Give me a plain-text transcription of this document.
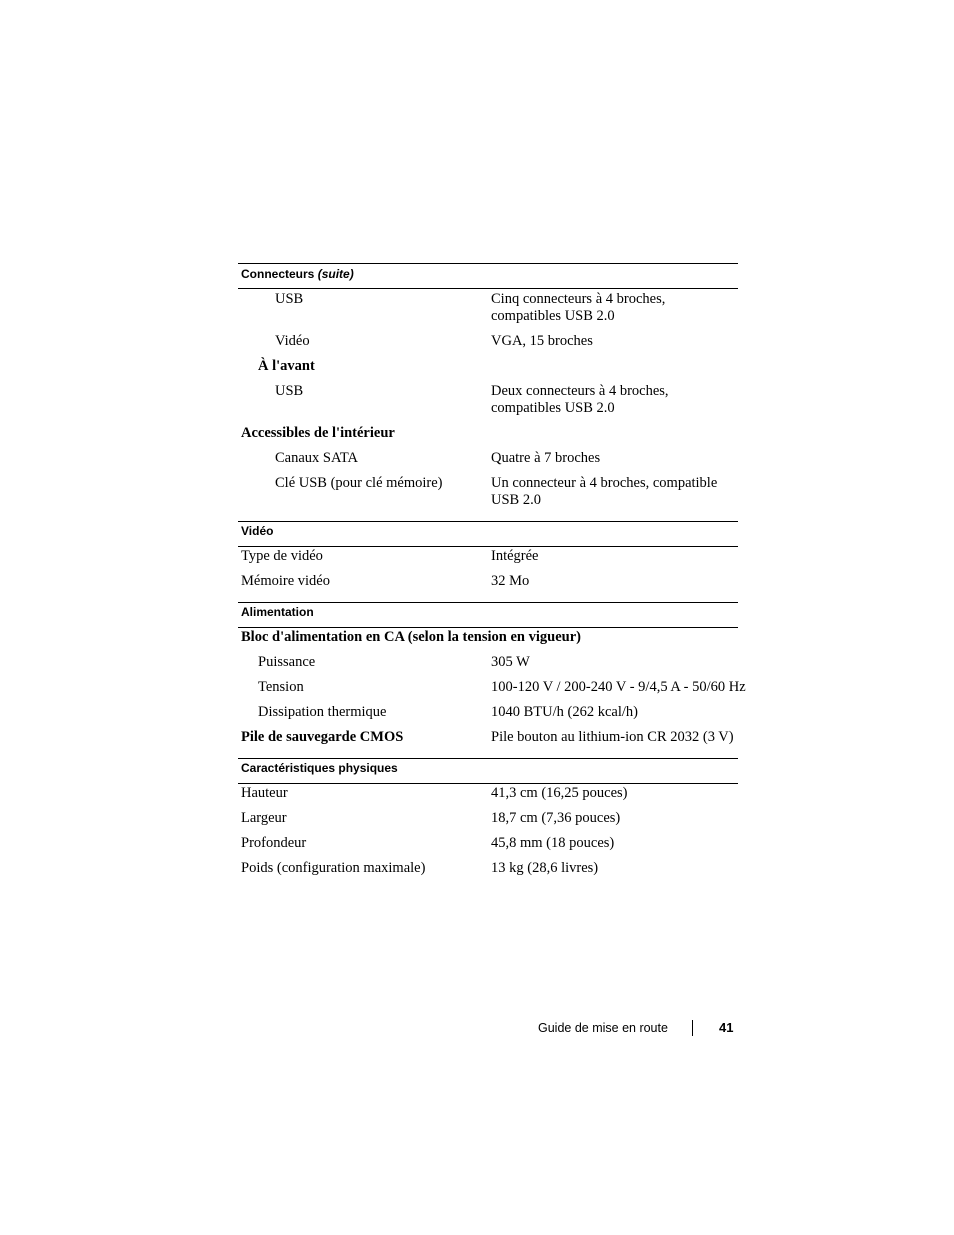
Connecteurs (suite)
USB	Cinq connecteurs à 4 broches,
compatibles USB 2.0
Vidéo	VGA, 15 broches
À l'avant
USB	Deux connecteurs à 4 broches,
compatibles USB 2.0
Accessibles de l'intérieur
Canaux SATA	Quatre à 7 broches
Clé USB (pour clé mémoire)	Un connecteur à 4 broches, compatible
USB 2.0
Vidéo
Type de vidéo	Intégrée
Mémoire vidéo	32 Mo
Alimentation
Bloc d'alimentation en CA (selon la tension en vigueur)
Puissance	305 W
Tension	100-120 V / 200-240 V - 9/4,5 A - 50/60 Hz
Dissipation thermique	1040 BTU/h (262 kcal/h)
Pile de sauvegarde CMOS	Pile bouton au lithium-ion CR 2032 (3 V)
Caractéristiques physiques
Hauteur	41,3 cm (16,25 pouces)
Largeur	18,7 cm (7,36 pouces)
Profondeur	45,8 mm (18 pouces)
Poids (configuration maximale)	13 kg (28,6 livres)
Guide de mise en route	41
